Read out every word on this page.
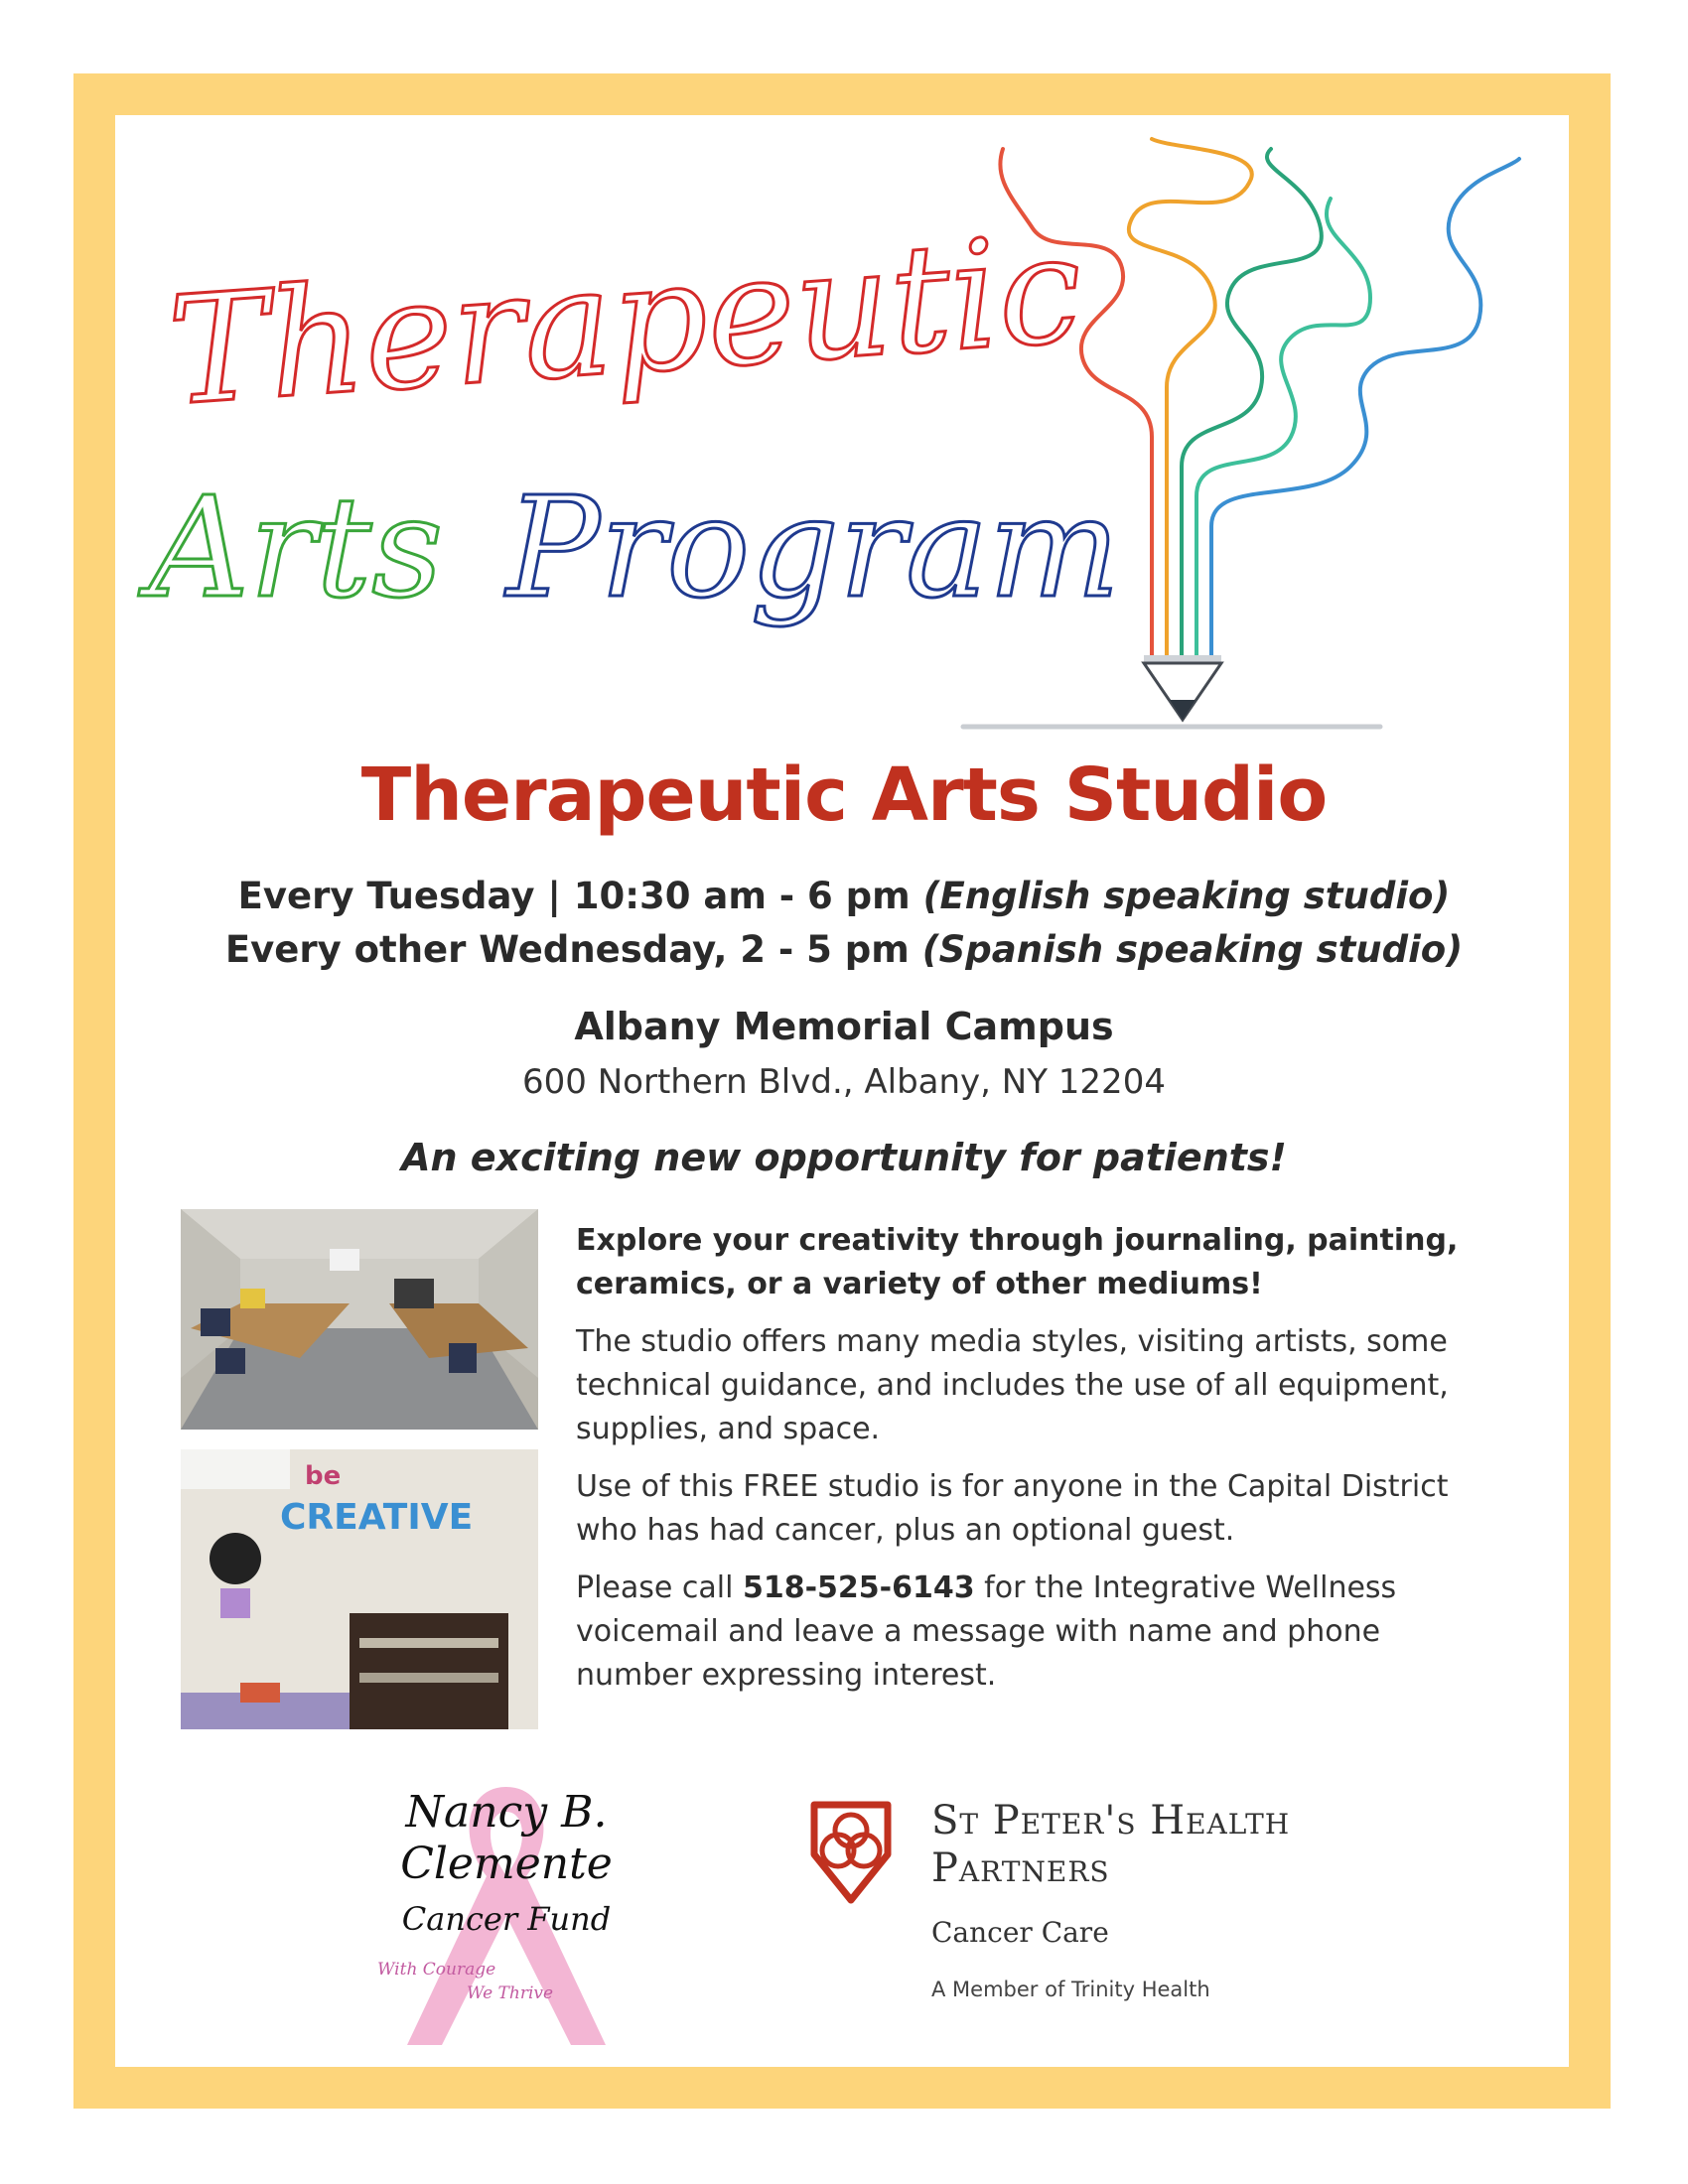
Therapeutic
Arts Program
Therapeutic Arts Studio
Every Tuesday | 10:30 am - 6 pm (English speaking studio)
Every other Wednesday, 2 - 5 pm (Spanish speaking studio)
Albany Memorial Campus
600 Northern Blvd., Albany, NY 12204
An exciting new opportunity for patients!
be
CREATIVE

Explore your creativity through journaling, painting, ceramics, or a variety of other mediums!

The studio offers many media styles, visiting artists, some technical guidance, and includes the use of all equipment, supplies, and space.

Use of this FREE studio is for anyone in the Capital District who has had cancer, plus an optional guest.

Please call 518-525-6143 for the Integrative Wellness voicemail and leave a message with name and phone number expressing interest.

Nancy B.
Clemente
Cancer Fund
With Courage
We Thrive
St Peter's Health
Partners
Cancer Care
A Member of Trinity Health
